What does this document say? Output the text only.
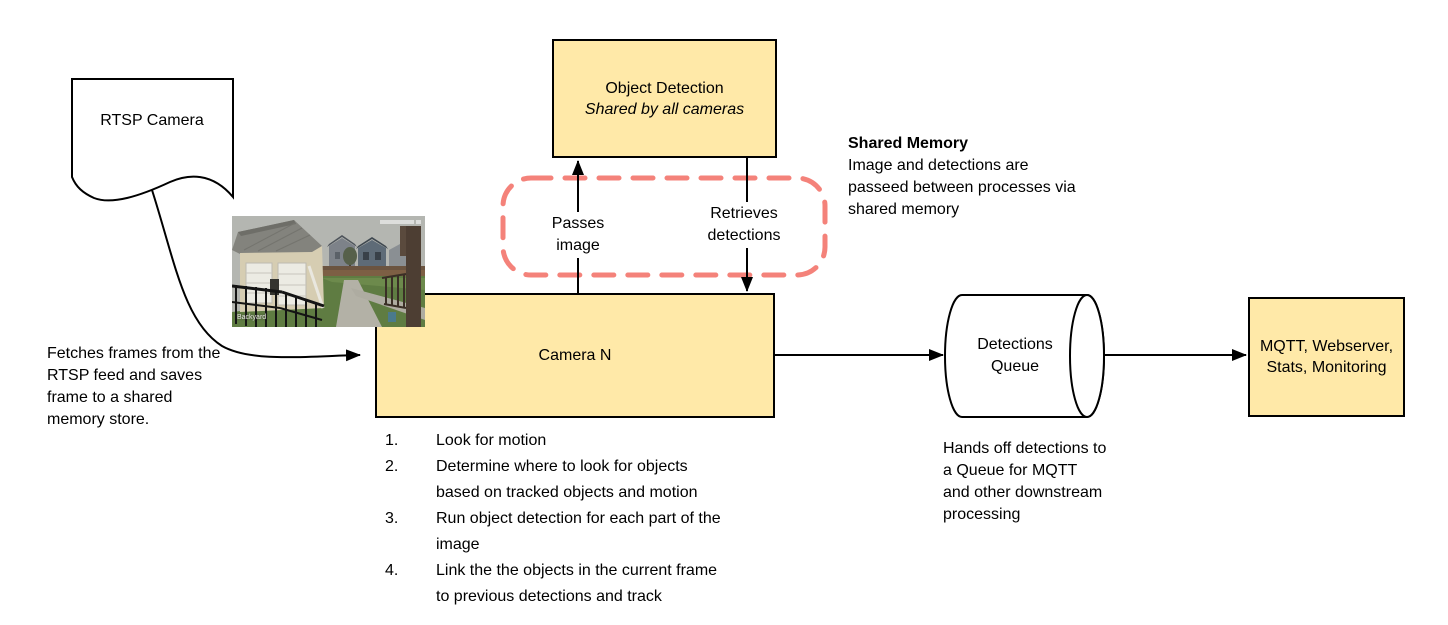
RTSP Camera
Object Detection
Shared by all cameras
Camera N
MQTT, Webserver, Stats, Monitoring
Detections Queue
Passes image
Retrieves detections
Fetches frames from the RTSP feed and saves frame to a shared memory store.
Shared Memory
Image and detections are passeed between processes via shared memory
Hands off detections to a Queue for MQTT and other downstream processing
1.	Look for motion
2.	Determine where to look for objects based on tracked objects and motion
3.	Run object detection for each part of the image
4.	Link the the objects in the current frame to previous detections and track
Backyard
